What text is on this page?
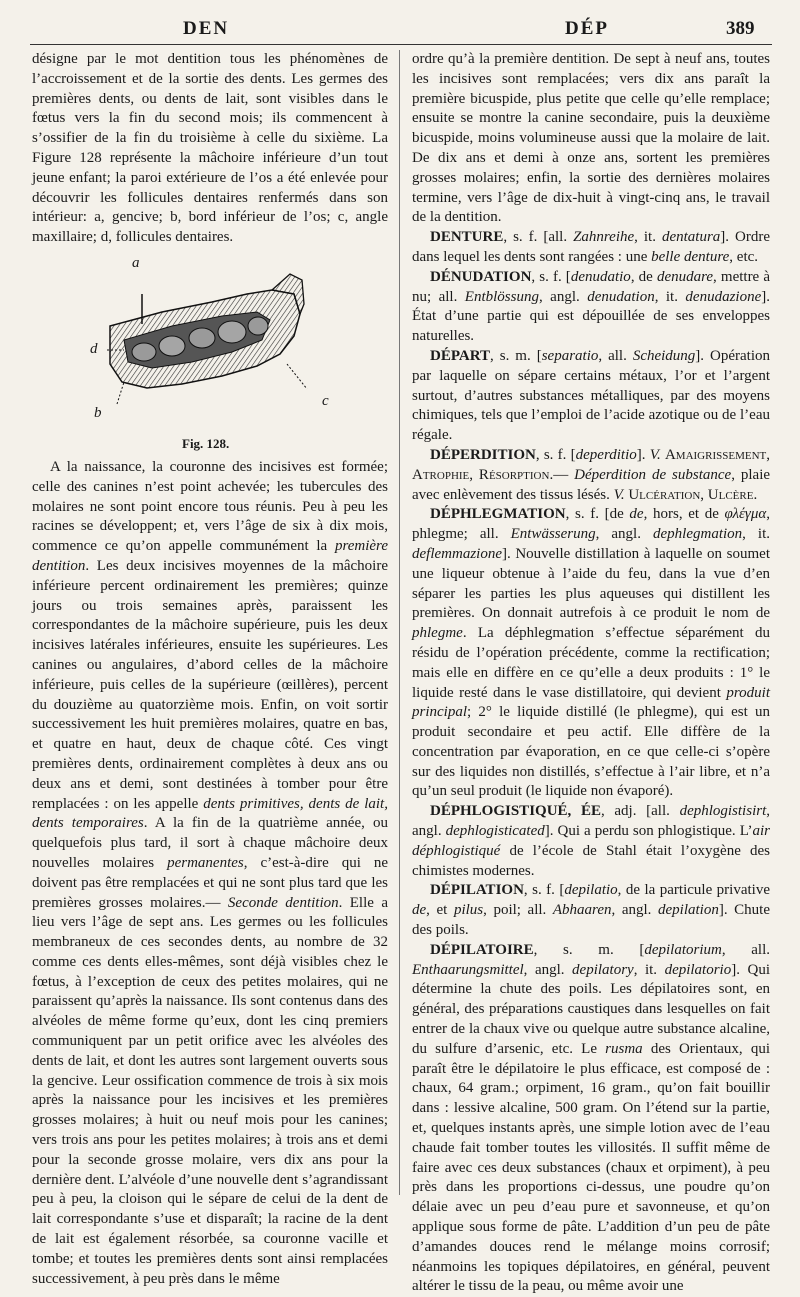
DEN	DÉP	389

désigne par le mot dentition tous les phénomènes de l’accroissement et de la sortie des dents. Les germes des premières dents, ou dents de lait, sont visibles dans le fœtus vers la fin du second mois; ils commencent à s’ossifier de la fin du troisième à celle du sixième. La Figure 128 représente la mâchoire inférieure d’un tout jeune enfant; la paroi extérieure de l’os a été enlevée pour découvrir les follicules dentaires renfermés dans son intérieur: a, gencive; b, bord inférieur de l’os; c, angle maxillaire; d, follicules dentaires.

a
d
b
c
Fig. 128.

A la naissance, la couronne des incisives est formée; celle des canines n’est point achevée; les tubercules des molaires ne sont point encore tous réunis. Peu à peu les racines se développent; et, vers l’âge de six à dix mois, commence ce qu’on appelle communément la première dentition. Les deux incisives moyennes de la mâchoire inférieure percent ordinairement les premières; quinze jours ou trois semaines après, paraissent les correspondantes de la mâchoire supérieure, puis les deux incisives latérales inférieures, ensuite les supérieures. Les canines ou angulaires, d’abord celles de la mâchoire inférieure, puis celles de la supérieure (œillères), percent du douzième au quatorzième mois. Enfin, on voit sortir successivement les huit premières molaires, quatre en bas, et quatre en haut, deux de chaque côté. Ces vingt premières dents, ordinairement complètes à deux ans ou deux ans et demi, sont destinées à tomber pour être remplacées : on les appelle dents primitives, dents de lait, dents temporaires. A la fin de la quatrième année, ou quelquefois plus tard, il sort à chaque mâchoire deux nouvelles molaires permanentes, c’est-à-dire qui ne doivent pas être remplacées et qui ne sont plus tard que les premières grosses molaires.— Seconde dentition. Elle a lieu vers l’âge de sept ans. Les germes ou les follicules membraneux de ces secondes dents, au nombre de 32 comme ces dents elles-mêmes, sont déjà visibles chez le fœtus, à l’exception de ceux des petites molaires, qui ne paraissent qu’après la naissance. Ils sont contenus dans des alvéoles de même forme qu’eux, dont les cinq premiers communiquent par un petit orifice avec les alvéoles des dents de lait, et dont les autres sont largement ouverts sous la gencive. Leur ossification commence de trois à six mois après la naissance pour les incisives et les premières grosses molaires; à huit ou neuf mois pour les canines; vers trois ans pour les petites molaires; à trois ans et demi pour la seconde grosse molaire, vers dix ans pour la dernière dent. L’alvéole d’une nouvelle dent s’agrandissant peu à peu, la cloison qui le sépare de celui de la dent de lait correspondante s’use et disparaît; la racine de la dent de lait est également résorbée, sa couronne vacille et tombe; et toutes les premières dents sont ainsi remplacées successivement, à peu près dans le même

ordre qu’à la première dentition. De sept à neuf ans, toutes les incisives sont remplacées; vers dix ans paraît la première bicuspide, plus petite que celle qu’elle remplace; ensuite se montre la canine secondaire, puis la deuxième bicuspide, moins volumineuse aussi que la molaire de lait. De dix ans et demi à onze ans, sortent les premières grosses molaires; enfin, la sortie des dernières molaires termine, vers l’âge de dix-huit à vingt-cinq ans, le travail de la dentition.

DENTURE, s. f. [all. Zahnreihe, it. dentatura]. Ordre dans lequel les dents sont rangées : une belle denture, etc.

DÉNUDATION, s. f. [denudatio, de denudare, mettre à nu; all. Entblössung, angl. denudation, it. denudazione]. État d’une partie qui est dépouillée de ses enveloppes naturelles.

DÉPART, s. m. [separatio, all. Scheidung]. Opération par laquelle on sépare certains métaux, l’or et l’argent surtout, d’autres substances métalliques, par des moyens chimiques, tels que l’emploi de l’acide azotique ou de l’eau régale.

DÉPERDITION, s. f. [deperditio]. V. Amaigrissement, Atrophie, Résorption.— Déperdition de substance, plaie avec enlèvement des tissus lésés. V. Ulcération, Ulcère.

DÉPHLEGMATION, s. f. [de de, hors, et de φλέγμα, phlegme; all. Entwässerung, angl. dephlegmation, it. deflemmazione]. Nouvelle distillation à laquelle on soumet une liqueur obtenue à l’aide du feu, dans la vue d’en séparer les parties les plus aqueuses qui distillent les premières. On donnait autrefois à ce produit le nom de phlegme. La déphlegmation s’effectue séparément du résidu de l’opération précédente, comme la rectification; mais elle en diffère en ce qu’elle a deux produits : 1° le liquide resté dans le vase distillatoire, qui devient produit principal; 2° le liquide distillé (le phlegme), qui est un produit secondaire et peu actif. Elle diffère de la concentration par évaporation, en ce que celle-ci s’opère sur des liquides non distillés, s’effectue à l’air libre, et n’a qu’un seul produit (le liquide non évaporé).

DÉPHLOGISTIQUÉ, ÉE, adj. [all. dephlogistisirt, angl. dephlogisticated]. Qui a perdu son phlogistique. L’air déphlogistiqué de l’école de Stahl était l’oxygène des chimistes modernes.

DÉPILATION, s. f. [depilatio, de la particule privative de, et pilus, poil; all. Abhaaren, angl. depilation]. Chute des poils.

DÉPILATOIRE, s. m. [depilatorium, all. Enthaarungsmittel, angl. depilatory, it. depilatorio]. Qui détermine la chute des poils. Les dépilatoires sont, en général, des préparations caustiques dans lesquelles on fait entrer de la chaux vive ou quelque autre substance alcaline, du sulfure d’arsenic, etc. Le rusma des Orientaux, qui paraît être le dépilatoire le plus efficace, est composé de : chaux, 64 gram.; orpiment, 16 gram., qu’on fait bouillir dans : lessive alcaline, 500 gram. On l’étend sur la partie, et, quelques instants après, une simple lotion avec de l’eau chaude fait tomber toutes les villosités. Il suffit même de faire avec ces deux substances (chaux et orpiment), à peu près dans les proportions ci-dessus, une poudre qu’on délaie avec un peu d’eau pure et savonneuse, et qu’on applique sous forme de pâte. L’addition d’un peu de pâte d’amandes douces rend le mélange moins corrosif; néanmoins les topiques dépilatoires, en général, peuvent altérer le tissu de la peau, ou même avoir une
